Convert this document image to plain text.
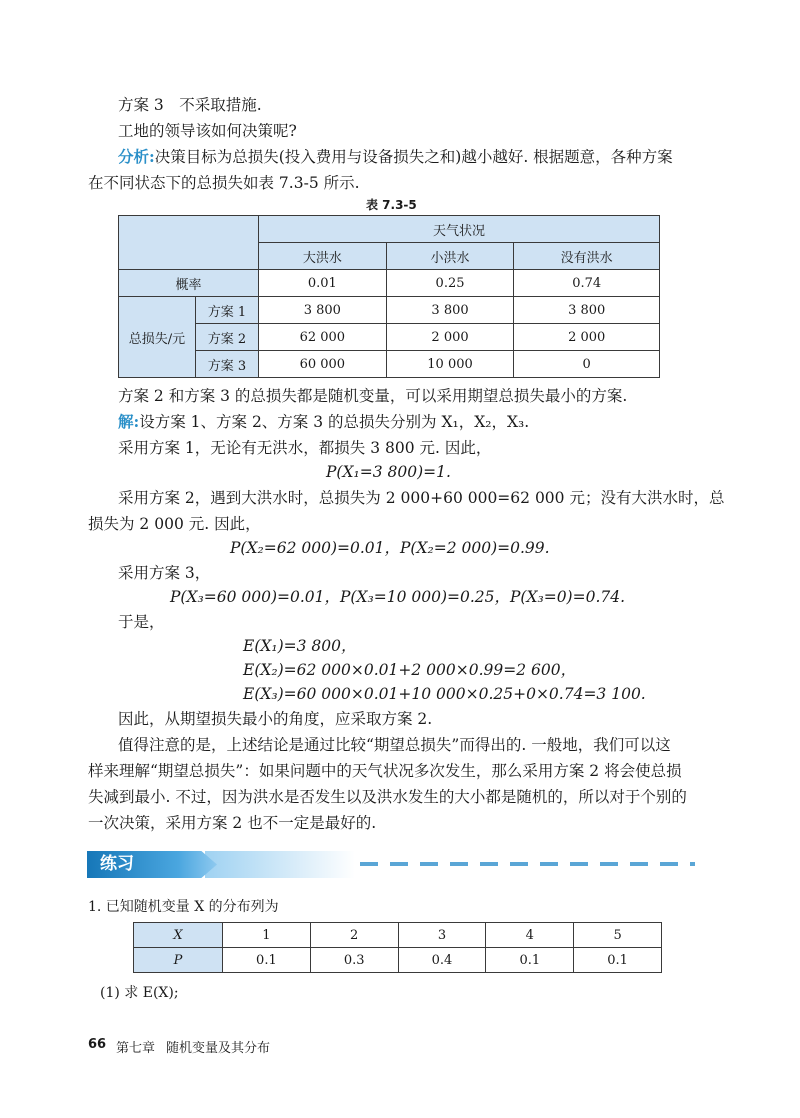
方案 3　不采取措施.
工地的领导该如何决策呢?
分析:决策目标为总损失(投入费用与设备损失之和)越小越好. 根据题意，各种方案
在不同状态下的总损失如表 7.3-5 所示.
表 7.3-5
		天气状况		
		大洪水	小洪水	没有洪水
概率		0.01	0.25	0.74
总损失/元	方案 1	3 800	3 800	3 800
	方案 2	62 000	2 000	2 000
	方案 3	60 000	10 000	0
方案 2 和方案 3 的总损失都是随机变量，可以采用期望总损失最小的方案.
解:设方案 1、方案 2、方案 3 的总损失分别为 X₁，X₂，X₃.
采用方案 1，无论有无洪水，都损失 3 800 元. 因此，
P(X₁=3 800)=1.
采用方案 2，遇到大洪水时，总损失为 2 000+60 000=62 000 元；没有大洪水时，总
损失为 2 000 元. 因此，
P(X₂=62 000)=0.01，P(X₂=2 000)=0.99.
采用方案 3，
P(X₃=60 000)=0.01，P(X₃=10 000)=0.25，P(X₃=0)=0.74.
于是，
E(X₁)=3 800，
E(X₂)=62 000×0.01+2 000×0.99=2 600，
E(X₃)=60 000×0.01+10 000×0.25+0×0.74=3 100.
因此，从期望损失最小的角度，应采取方案 2.
值得注意的是，上述结论是通过比较“期望总损失”而得出的. 一般地，我们可以这
样来理解“期望总损失”：如果问题中的天气状况多次发生，那么采用方案 2 将会使总损
失减到最小. 不过，因为洪水是否发生以及洪水发生的大小都是随机的，所以对于个别的
一次决策，采用方案 2 也不一定是最好的.
练习
1. 已知随机变量 X 的分布列为
X	1	2	3	4	5
P	0.1	0.3	0.4	0.1	0.1
(1) 求 E(X);
66 第七章 随机变量及其分布
